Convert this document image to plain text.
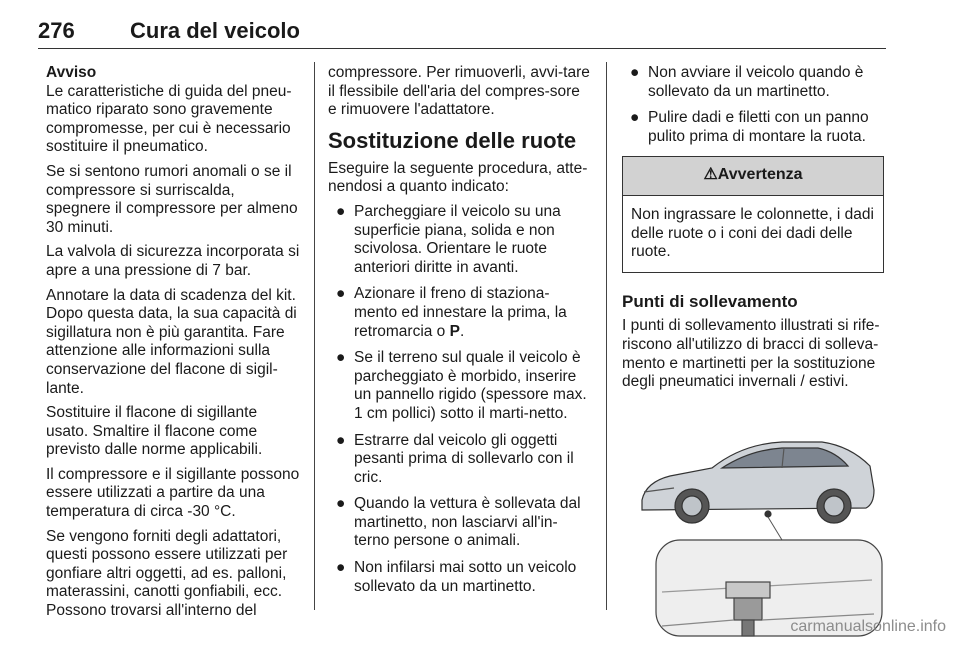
276	Cura del veicolo
Avviso

Le caratteristiche di guida del pneu-matico riparato sono gravemente compromesse, per cui è necessario sostituire il pneumatico.

Se si sentono rumori anomali o se il compressore si surriscalda, spegnere il compressore per almeno 30 minuti.

La valvola di sicurezza incorporata si apre a una pressione di 7 bar.

Annotare la data di scadenza del kit. Dopo questa data, la sua capacità di sigillatura non è più garantita. Fare attenzione alle informazioni sulla conservazione del flacone di sigil-lante.

Sostituire il flacone di sigillante usato. Smaltire il flacone come previsto dalle norme applicabili.

Il compressore e il sigillante possono essere utilizzati a partire da una temperatura di circa -30 °C.

Se vengono forniti degli adattatori, questi possono essere utilizzati per gonfiare altri oggetti, ad es. palloni, materassini, canotti gonfiabili, ecc. Possono trovarsi all'interno del

compressore. Per rimuoverli, avvi-tare il flessibile dell'aria del compres-sore e rimuovere l'adattatore.

Sostituzione delle ruote

Eseguire la seguente procedura, atte-nendosi a quanto indicato:

● Parcheggiare il veicolo su una superficie piana, solida e non scivolosa. Orientare le ruote anteriori diritte in avanti.
● Azionare il freno di staziona-mento ed innestare la prima, la retromarcia o P.
● Se il terreno sul quale il veicolo è parcheggiato è morbido, inserire un pannello rigido (spessore max. 1 cm pollici) sotto il marti-netto.
● Estrarre dal veicolo gli oggetti pesanti prima di sollevarlo con il cric.
● Quando la vettura è sollevata dal martinetto, non lasciarvi all'in-terno persone o animali.
● Non infilarsi mai sotto un veicolo sollevato da un martinetto.
● Non avviare il veicolo quando è sollevato da un martinetto.
● Pulire dadi e filetti con un panno pulito prima di montare la ruota.
⚠Avvertenza
Non ingrassare le colonnette, i dadi delle ruote o i coni dei dadi delle ruote.
Punti di sollevamento

I punti di sollevamento illustrati si rife-riscono all'utilizzo di bracci di solleva-mento e martinetti per la sostituzione degli pneumatici invernali / estivi.

carmanualsonline.info
